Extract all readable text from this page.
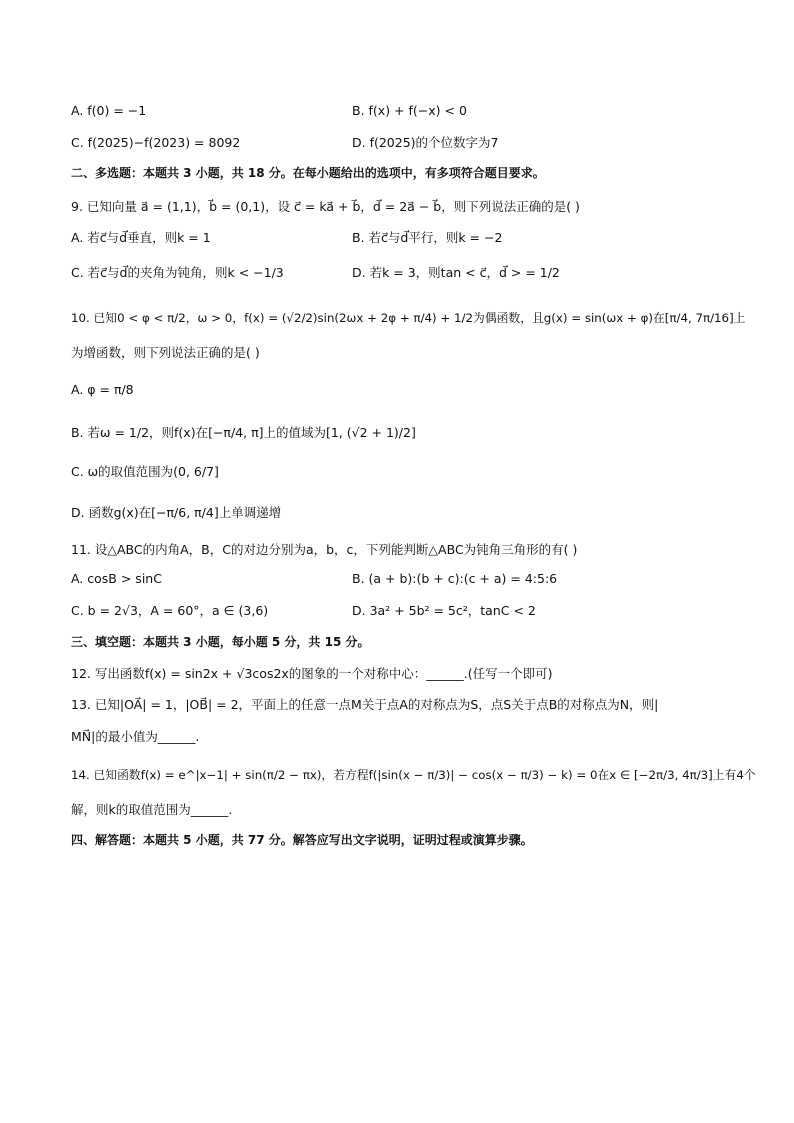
A. f(0) = −1	B. f(x) + f(−x) < 0
C. f(2025)−f(2023) = 8092	D. f(2025)的个位数字为7
二、多选题：本题共 3 小题，共 18 分。在每小题给出的选项中，有多项符合题目要求。
9. 已知向量 a⃗ = (1,1)，b⃗ = (0,1)，设 c⃗ = ka⃗ + b⃗，d⃗ = 2a⃗ − b⃗，则下列说法正确的是( )
A. 若c⃗与d⃗垂直，则k = 1	B. 若c⃗与d⃗平行，则k = −2
C. 若c⃗与d⃗的夹角为钝角，则k < −1/3	D. 若k = 3，则tan < c⃗，d⃗ > = 1/2
10. 已知0 < φ < π/2，ω > 0，f(x) = (√2/2)sin(2ωx + 2φ + π/4) + 1/2为偶函数，且g(x) = sin(ωx + φ)在[π/4, 7π/16]上
为增函数，则下列说法正确的是( )
A. φ = π/8
B. 若ω = 1/2，则f(x)在[−π/4, π]上的值域为[1, (√2 + 1)/2]
C. ω的取值范围为(0, 6/7]
D. 函数g(x)在[−π/6, π/4]上单调递增
11. 设△ABC的内角A，B，C的对边分别为a，b，c，下列能判断△ABC为钝角三角形的有( )
A. cosB > sinC	B. (a + b):(b + c):(c + a) = 4:5:6
C. b = 2√3，A = 60°，a ∈ (3,6)	D. 3a² + 5b² = 5c²，tanC < 2
三、填空题：本题共 3 小题，每小题 5 分，共 15 分。
12. 写出函数f(x) = sin2x + √3cos2x的图象的一个对称中心：______.(任写一个即可)
13. 已知|OA⃗| = 1，|OB⃗| = 2，平面上的任意一点M关于点A的对称点为S，点S关于点B的对称点为N，则|
MN⃗|的最小值为______.
14. 已知函数f(x) = e^|x−1| + sin(π/2 − πx)，若方程f(|sin(x − π/3)| − cos(x − π/3) − k) = 0在x ∈ [−2π/3, 4π/3]上有4个
解，则k的取值范围为______.
四、解答题：本题共 5 小题，共 77 分。解答应写出文字说明，证明过程或演算步骤。
